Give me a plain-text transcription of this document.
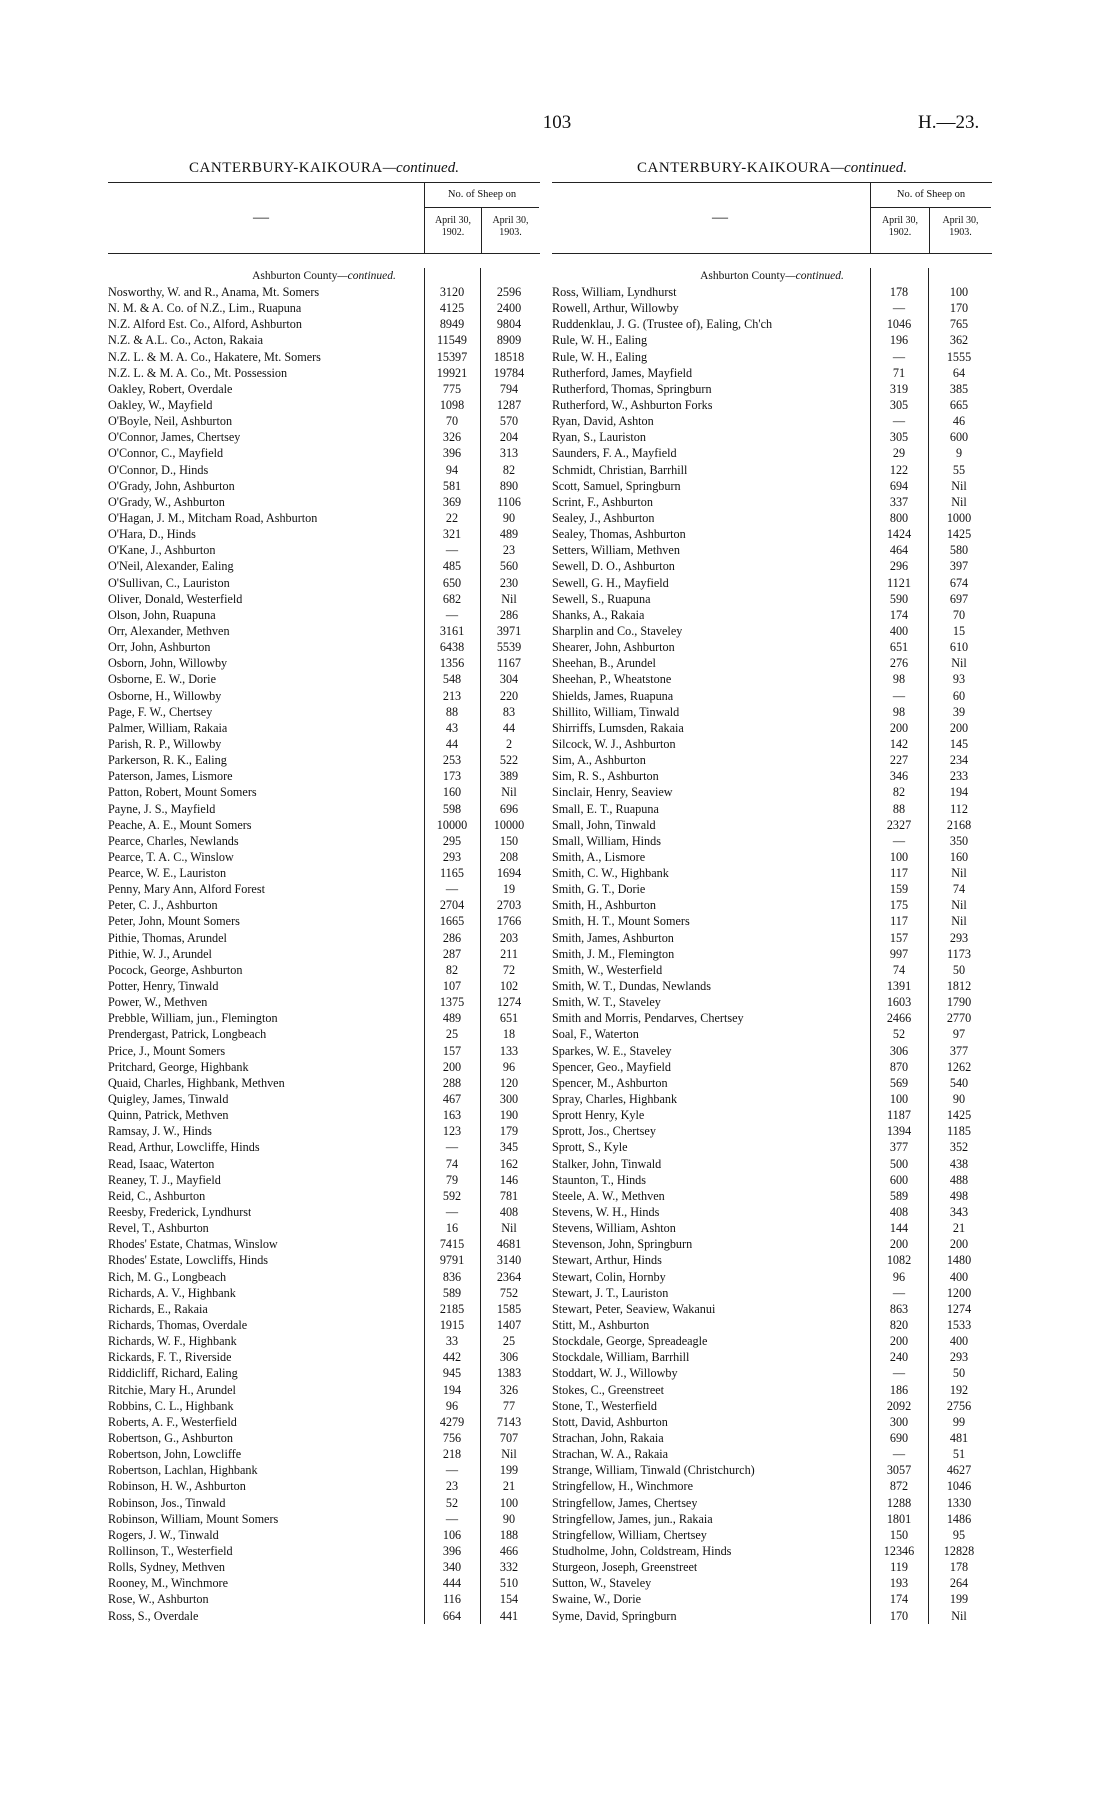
103	H.—23.
CANTERBURY-KAIKOURA—continued.
—
No. of Sheep on
April 30, 1902.
April 30, 1903.
Ashburton County—continued.
Nosworthy, W. and R., Anama, Mt. Somers	3120	2596
N. M. & A. Co. of N.Z., Lim., Ruapuna	4125	2400
N.Z. Alford Est. Co., Alford, Ashburton	8949	9804
N.Z. & A.L. Co., Acton, Rakaia	11549	8909
N.Z. L. & M. A. Co., Hakatere, Mt. Somers	15397	18518
N.Z. L. & M. A. Co., Mt. Possession	19921	19784
Oakley, Robert, Overdale	775	794
Oakley, W., Mayfield	1098	1287
O'Boyle, Neil, Ashburton	70	570
O'Connor, James, Chertsey	326	204
O'Connor, C., Mayfield	396	313
O'Connor, D., Hinds	94	82
O'Grady, John, Ashburton	581	890
O'Grady, W., Ashburton	369	1106
O'Hagan, J. M., Mitcham Road, Ashburton	22	90
O'Hara, D., Hinds	321	489
O'Kane, J., Ashburton	—	23
O'Neil, Alexander, Ealing	485	560
O'Sullivan, C., Lauriston	650	230
Oliver, Donald, Westerfield	682	Nil
Olson, John, Ruapuna	—	286
Orr, Alexander, Methven	3161	3971
Orr, John, Ashburton	6438	5539
Osborn, John, Willowby	1356	1167
Osborne, E. W., Dorie	548	304
Osborne, H., Willowby	213	220
Page, F. W., Chertsey	88	83
Palmer, William, Rakaia	43	44
Parish, R. P., Willowby	44	2
Parkerson, R. K., Ealing	253	522
Paterson, James, Lismore	173	389
Patton, Robert, Mount Somers	160	Nil
Payne, J. S., Mayfield	598	696
Peache, A. E., Mount Somers	10000	10000
Pearce, Charles, Newlands	295	150
Pearce, T. A. C., Winslow	293	208
Pearce, W. E., Lauriston	1165	1694
Penny, Mary Ann, Alford Forest	—	19
Peter, C. J., Ashburton	2704	2703
Peter, John, Mount Somers	1665	1766
Pithie, Thomas, Arundel	286	203
Pithie, W. J., Arundel	287	211
Pocock, George, Ashburton	82	72
Potter, Henry, Tinwald	107	102
Power, W., Methven	1375	1274
Prebble, William, jun., Flemington	489	651
Prendergast, Patrick, Longbeach	25	18
Price, J., Mount Somers	157	133
Pritchard, George, Highbank	200	96
Quaid, Charles, Highbank, Methven	288	120
Quigley, James, Tinwald	467	300
Quinn, Patrick, Methven	163	190
Ramsay, J. W., Hinds	123	179
Read, Arthur, Lowcliffe, Hinds	—	345
Read, Isaac, Waterton	74	162
Reaney, T. J., Mayfield	79	146
Reid, C., Ashburton	592	781
Reesby, Frederick, Lyndhurst	—	408
Revel, T., Ashburton	16	Nil
Rhodes' Estate, Chatmas, Winslow	7415	4681
Rhodes' Estate, Lowcliffs, Hinds	9791	3140
Rich, M. G., Longbeach	836	2364
Richards, A. V., Highbank	589	752
Richards, E., Rakaia	2185	1585
Richards, Thomas, Overdale	1915	1407
Richards, W. F., Highbank	33	25
Rickards, F. T., Riverside	442	306
Riddicliff, Richard, Ealing	945	1383
Ritchie, Mary H., Arundel	194	326
Robbins, C. L., Highbank	96	77
Roberts, A. F., Westerfield	4279	7143
Robertson, G., Ashburton	756	707
Robertson, John, Lowcliffe	218	Nil
Robertson, Lachlan, Highbank	—	199
Robinson, H. W., Ashburton	23	21
Robinson, Jos., Tinwald	52	100
Robinson, William, Mount Somers	—	90
Rogers, J. W., Tinwald	106	188
Rollinson, T., Westerfield	396	466
Rolls, Sydney, Methven	340	332
Rooney, M., Winchmore	444	510
Rose, W., Ashburton	116	154
Ross, S., Overdale	664	441
CANTERBURY-KAIKOURA—continued.
—
No. of Sheep on
April 30, 1902.
April 30, 1903.
Ashburton County—continued.
Ross, William, Lyndhurst	178	100
Rowell, Arthur, Willowby	—	170
Ruddenklau, J. G. (Trustee of), Ealing, Ch'ch	1046	765
Rule, W. H., Ealing	196	362
Rule, W. H., Ealing	—	1555
Rutherford, James, Mayfield	71	64
Rutherford, Thomas, Springburn	319	385
Rutherford, W., Ashburton Forks	305	665
Ryan, David, Ashton	—	46
Ryan, S., Lauriston	305	600
Saunders, F. A., Mayfield	29	9
Schmidt, Christian, Barrhill	122	55
Scott, Samuel, Springburn	694	Nil
Scrint, F., Ashburton	337	Nil
Sealey, J., Ashburton	800	1000
Sealey, Thomas, Ashburton	1424	1425
Setters, William, Methven	464	580
Sewell, D. O., Ashburton	296	397
Sewell, G. H., Mayfield	1121	674
Sewell, S., Ruapuna	590	697
Shanks, A., Rakaia	174	70
Sharplin and Co., Staveley	400	15
Shearer, John, Ashburton	651	610
Sheehan, B., Arundel	276	Nil
Sheehan, P., Wheatstone	98	93
Shields, James, Ruapuna	—	60
Shillito, William, Tinwald	98	39
Shirriffs, Lumsden, Rakaia	200	200
Silcock, W. J., Ashburton	142	145
Sim, A., Ashburton	227	234
Sim, R. S., Ashburton	346	233
Sinclair, Henry, Seaview	82	194
Small, E. T., Ruapuna	88	112
Small, John, Tinwald	2327	2168
Small, William, Hinds	—	350
Smith, A., Lismore	100	160
Smith, C. W., Highbank	117	Nil
Smith, G. T., Dorie	159	74
Smith, H., Ashburton	175	Nil
Smith, H. T., Mount Somers	117	Nil
Smith, James, Ashburton	157	293
Smith, J. M., Flemington	997	1173
Smith, W., Westerfield	74	50
Smith, W. T., Dundas, Newlands	1391	1812
Smith, W. T., Staveley	1603	1790
Smith and Morris, Pendarves, Chertsey	2466	2770
Soal, F., Waterton	52	97
Sparkes, W. E., Staveley	306	377
Spencer, Geo., Mayfield	870	1262
Spencer, M., Ashburton	569	540
Spray, Charles, Highbank	100	90
Sprott Henry, Kyle	1187	1425
Sprott, Jos., Chertsey	1394	1185
Sprott, S., Kyle	377	352
Stalker, John, Tinwald	500	438
Staunton, T., Hinds	600	488
Steele, A. W., Methven	589	498
Stevens, W. H., Hinds	408	343
Stevens, William, Ashton	144	21
Stevenson, John, Springburn	200	200
Stewart, Arthur, Hinds	1082	1480
Stewart, Colin, Hornby	96	400
Stewart, J. T., Lauriston	—	1200
Stewart, Peter, Seaview, Wakanui	863	1274
Stitt, M., Ashburton	820	1533
Stockdale, George, Spreadeagle	200	400
Stockdale, William, Barrhill	240	293
Stoddart, W. J., Willowby	—	50
Stokes, C., Greenstreet	186	192
Stone, T., Westerfield	2092	2756
Stott, David, Ashburton	300	99
Strachan, John, Rakaia	690	481
Strachan, W. A., Rakaia	—	51
Strange, William, Tinwald (Christchurch)	3057	4627
Stringfellow, H., Winchmore	872	1046
Stringfellow, James, Chertsey	1288	1330
Stringfellow, James, jun., Rakaia	1801	1486
Stringfellow, William, Chertsey	150	95
Studholme, John, Coldstream, Hinds	12346	12828
Sturgeon, Joseph, Greenstreet	119	178
Sutton, W., Staveley	193	264
Swaine, W., Dorie	174	199
Syme, David, Springburn	170	Nil
